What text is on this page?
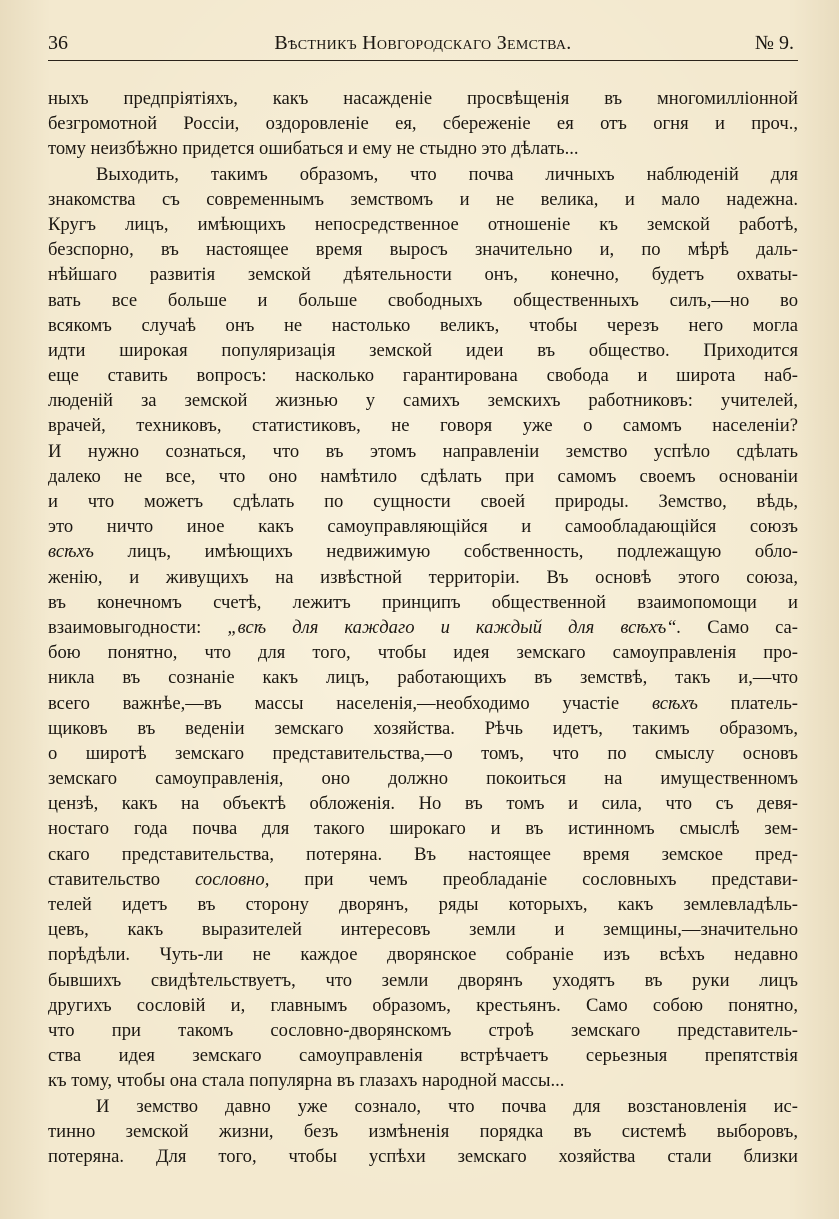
36	Вѣстникъ Новгородскаго Земства.	№ 9.
ныхъ предпріятіяхъ, какъ насажденіе просвѣщенія въ многомилліонной
безгромотной Россіи, оздоровленіе ея, сбереженіе ея отъ огня и проч.,
тому неизбѣжно придется ошибаться и ему не стыдно это дѣлать...
Выходить, такимъ образомъ, что почва личныхъ наблюденій для
знакомства съ современнымъ земствомъ и не велика, и мало надежна.
Кругъ лицъ, имѣющихъ непосредственное отношеніе къ земской работѣ,
безспорно, въ настоящее время выросъ значительно и, по мѣрѣ даль-
нѣйшаго развитія земской дѣятельности онъ, конечно, будетъ охваты-
вать все больше и больше свободныхъ общественныхъ силъ,—но во
всякомъ случаѣ онъ не настолько великъ, чтобы черезъ него могла
идти широкая популяризація земской идеи въ общество. Приходится
еще ставить вопросъ: насколько гарантирована свобода и широта наб-
люденій за земской жизнью у самихъ земскихъ работниковъ: учителей,
врачей, техниковъ, статистиковъ, не говоря уже о самомъ населеніи?
И нужно сознаться, что въ этомъ направленіи земство успѣло сдѣлать
далеко не все, что оно намѣтило сдѣлать при самомъ своемъ основаніи
и что можетъ сдѣлать по сущности своей природы. Земство, вѣдь,
это ничто иное какъ самоуправляющійся и самообладающійся союзъ
всѣхъ лицъ, имѣющихъ недвижимую собственность, подлежащую обло-
женію, и живущихъ на извѣстной территоріи. Въ основѣ этого союза,
въ конечномъ счетѣ, лежитъ принципъ общественной взаимопомощи и
взаимовыгодности: „всѣ для каждаго и каждый для всѣхъ“. Само са-
бою понятно, что для того, чтобы идея земскаго самоуправленія про-
никла въ сознаніе какъ лицъ, работающихъ въ земствѣ, такъ и,—что
всего важнѣе,—въ массы населенія,—необходимо участіе всѣхъ платель-
щиковъ въ веденіи земскаго хозяйства. Рѣчь идетъ, такимъ образомъ,
о широтѣ земскаго представительства,—о томъ, что по смыслу основъ
земскаго самоуправленія, оно должно покоиться на имущественномъ
цензѣ, какъ на объектѣ обложенія. Но въ томъ и сила, что съ девя-
ностаго года почва для такого широкаго и въ истинномъ смыслѣ зем-
скаго представительства, потеряна. Въ настоящее время земское пред-
ставительство сословно, при чемъ преобладаніе сословныхъ представи-
телей идетъ въ сторону дворянъ, ряды которыхъ, какъ землевладѣль-
цевъ, какъ выразителей интересовъ земли и земщины,—значительно
порѣдѣли. Чуть-ли не каждое дворянское собраніе изъ всѣхъ недавно
бывшихъ свидѣтельствуетъ, что земли дворянъ уходятъ въ руки лицъ
другихъ сословій и, главнымъ образомъ, крестьянъ. Само собою понятно,
что при такомъ сословно-дворянскомъ строѣ земскаго представитель-
ства идея земскаго самоуправленія встрѣчаетъ серьезныя препятствія
къ тому, чтобы она стала популярна въ глазахъ народной массы...
И земство давно уже сознало, что почва для возстановленія ис-
тинно земской жизни, безъ измѣненія порядка въ системѣ выборовъ,
потеряна. Для того, чтобы успѣхи земскаго хозяйства стали близки
